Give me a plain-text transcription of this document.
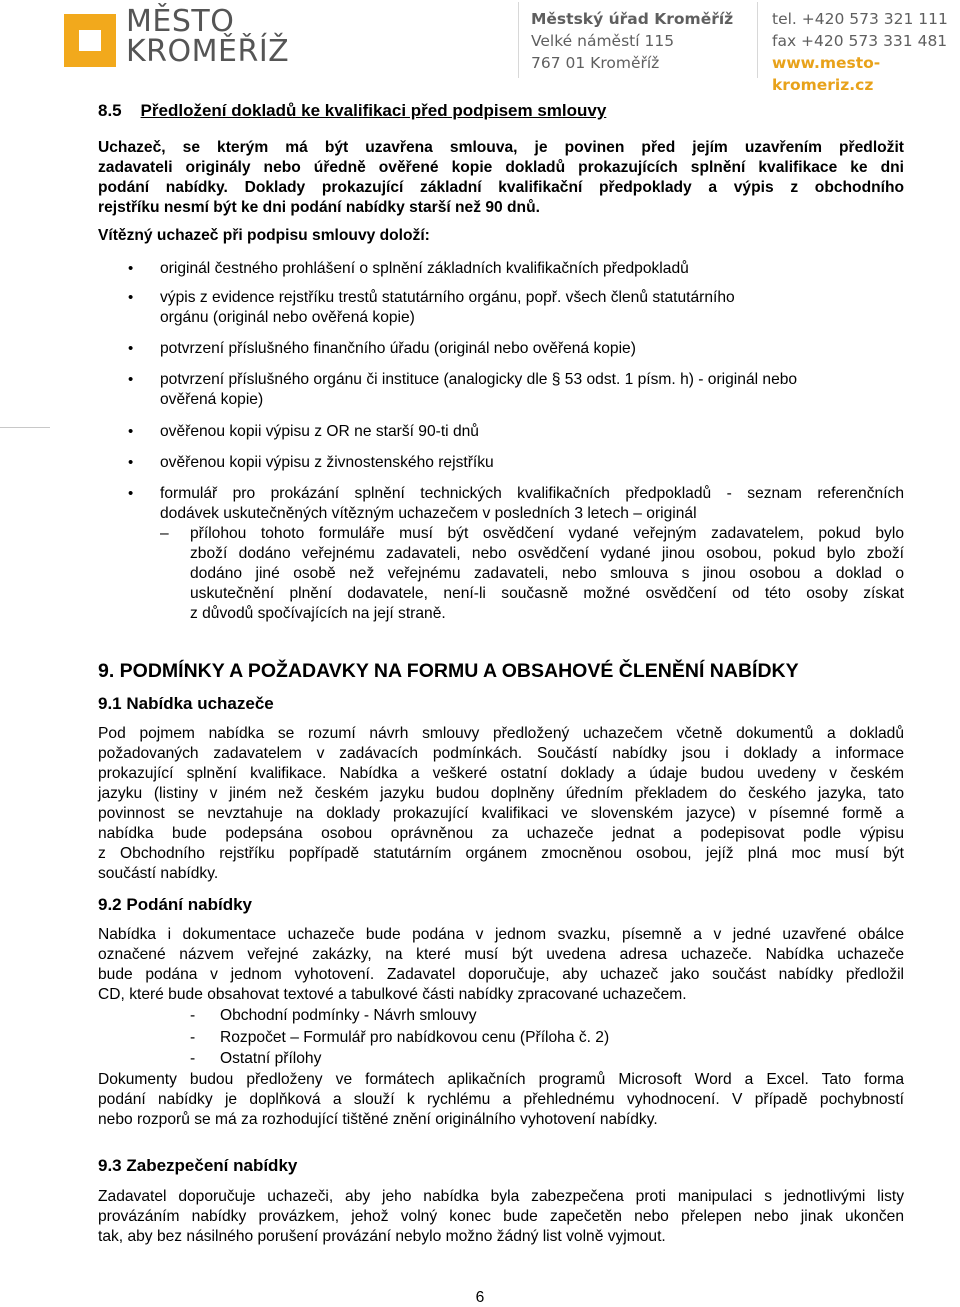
MĚSTO
KROMĚŘÍŽ
Městský úřad Kroměříž
Velké náměstí 115
767 01 Kroměříž
tel. +420 573 321 111
fax +420 573 331 481
www.mesto-kromeriz.cz
8.5 Předložení dokladů ke kvalifikaci před podpisem smlouvy
Uchazeč, se kterým má být uzavřena smlouva, je povinen před jejím uzavřením předložit
zadavateli originály nebo úředně ověřené kopie dokladů prokazujících splnění kvalifikace ke dni
podání nabídky. Doklady prokazující základní kvalifikační předpoklady a výpis z obchodního
rejstříku nesmí být ke dni podání nabídky starší než 90 dnů.
Vítězný uchazeč při podpisu smlouvy doloží:
•
originál čestného prohlášení o splnění základních kvalifikačních předpokladů
•
výpis z evidence rejstříku trestů statutárního orgánu, popř. všech členů statutárního
orgánu (originál nebo ověřená kopie)
•
potvrzení příslušného finančního úřadu (originál nebo ověřená kopie)
•
potvrzení příslušného orgánu či instituce (analogicky dle § 53 odst. 1 písm. h) - originál nebo
ověřená kopie)
•
ověřenou kopii výpisu z OR ne starší 90-ti dnů
•
ověřenou kopii výpisu z živnostenského rejstříku
•
formulář pro prokázání splnění technických kvalifikačních předpokladů - seznam referenčních
dodávek uskutečněných vítězným uchazečem v posledních 3 letech – originál
– přílohou tohoto formuláře musí být osvědčení vydané veřejným zadavatelem, pokud bylo
zboží dodáno veřejnému zadavateli, nebo osvědčení vydané jinou osobou, pokud bylo zboží
dodáno jiné osobě než veřejnému zadavateli, nebo smlouva s jinou osobou a doklad o
uskutečnění plnění dodavatele, není-li současně možné osvědčení od této osoby získat
z důvodů spočívajících na její straně.
9. PODMÍNKY A POŽADAVKY NA FORMU A OBSAHOVÉ ČLENĚNÍ NABÍDKY
9.1 Nabídka uchazeče
Pod pojmem nabídka se rozumí návrh smlouvy předložený uchazečem včetně dokumentů a dokladů
požadovaných zadavatelem v zadávacích podmínkách. Součástí nabídky jsou i doklady a informace
prokazující splnění kvalifikace. Nabídka a veškeré ostatní doklady a údaje budou uvedeny v českém
jazyku (listiny v jiném než českém jazyku budou doplněny úředním překladem do českého jazyka, tato
povinnost se nevztahuje na doklady prokazující kvalifikaci ve slovenském jazyce) v písemné formě a
nabídka bude podepsána osobou oprávněnou za uchazeče jednat a podepisovat podle výpisu
z Obchodního rejstříku popřípadě statutárním orgánem zmocněnou osobou, jejíž plná moc musí být
součástí nabídky.
9.2 Podání nabídky
Nabídka i dokumentace uchazeče bude podána v jednom svazku, písemně a v jedné uzavřené obálce
označené názvem veřejné zakázky, na které musí být uvedena adresa uchazeče. Nabídka uchazeče
bude podána v jednom vyhotovení. Zadavatel doporučuje, aby uchazeč jako součást nabídky předložil
CD, které bude obsahovat textové a tabulkové části nabídky zpracované uchazečem.
- Obchodní podmínky - Návrh smlouvy
- Rozpočet – Formulář pro nabídkovou cenu (Příloha č. 2)
- Ostatní přílohy
Dokumenty budou předloženy ve formátech aplikačních programů Microsoft Word a Excel. Tato forma
podání nabídky je doplňková a slouží k rychlému a přehlednému vyhodnocení. V případě pochybností
nebo rozporů se má za rozhodující tištěné znění originálního vyhotovení nabídky.
9.3 Zabezpečení nabídky
Zadavatel doporučuje uchazeči, aby jeho nabídka byla zabezpečena proti manipulaci s jednotlivými listy
provázáním nabídky provázkem, jehož volný konec bude zapečetěn nebo přelepen nebo jinak ukončen
tak, aby bez násilného porušení provázání nebylo možno žádný list volně vyjmout.
6
